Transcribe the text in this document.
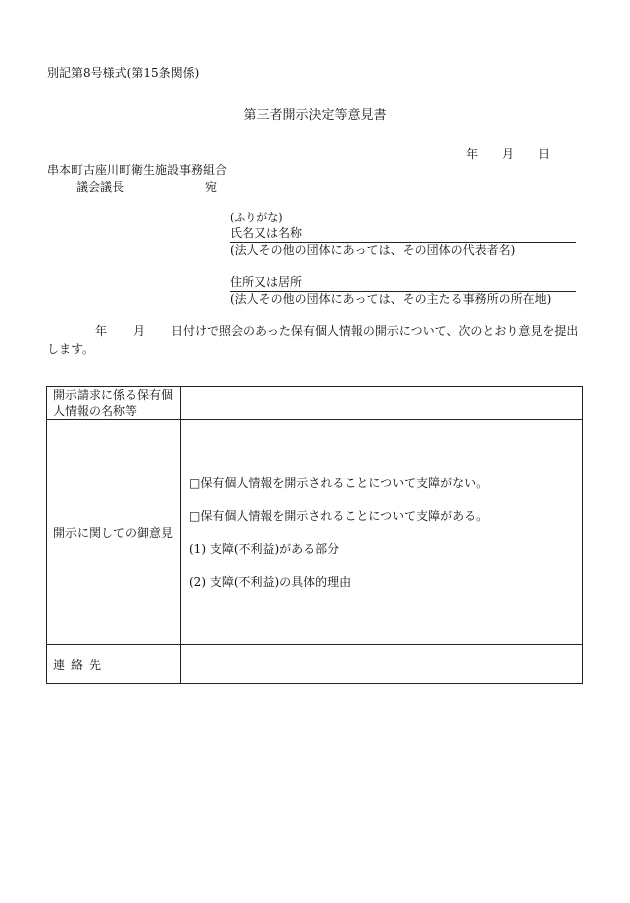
別記第8号様式(第15条関係)
第三者開示決定等意見書
年 月 日
串本町古座川町衛生施設事務組合
議会議長	宛
(ふりがな)
氏名又は名称
(法人その他の団体にあっては、その団体の代表者名)
住所又は居所
(法人その他の団体にあっては、その主たる事務所の所在地)
年 月 日付けで照会のあった保有個人情報の開示について、次のとおり意見を提出します。
開示請求に係る保有個人情報の名称等	
開示に関しての御意見	□保有個人情報を開示されることについて支障がない。
□保有個人情報を開示されることについて支障がある。
(1) 支障(不利益)がある部分
(2) 支障(不利益)の具体的理由

連絡先	
